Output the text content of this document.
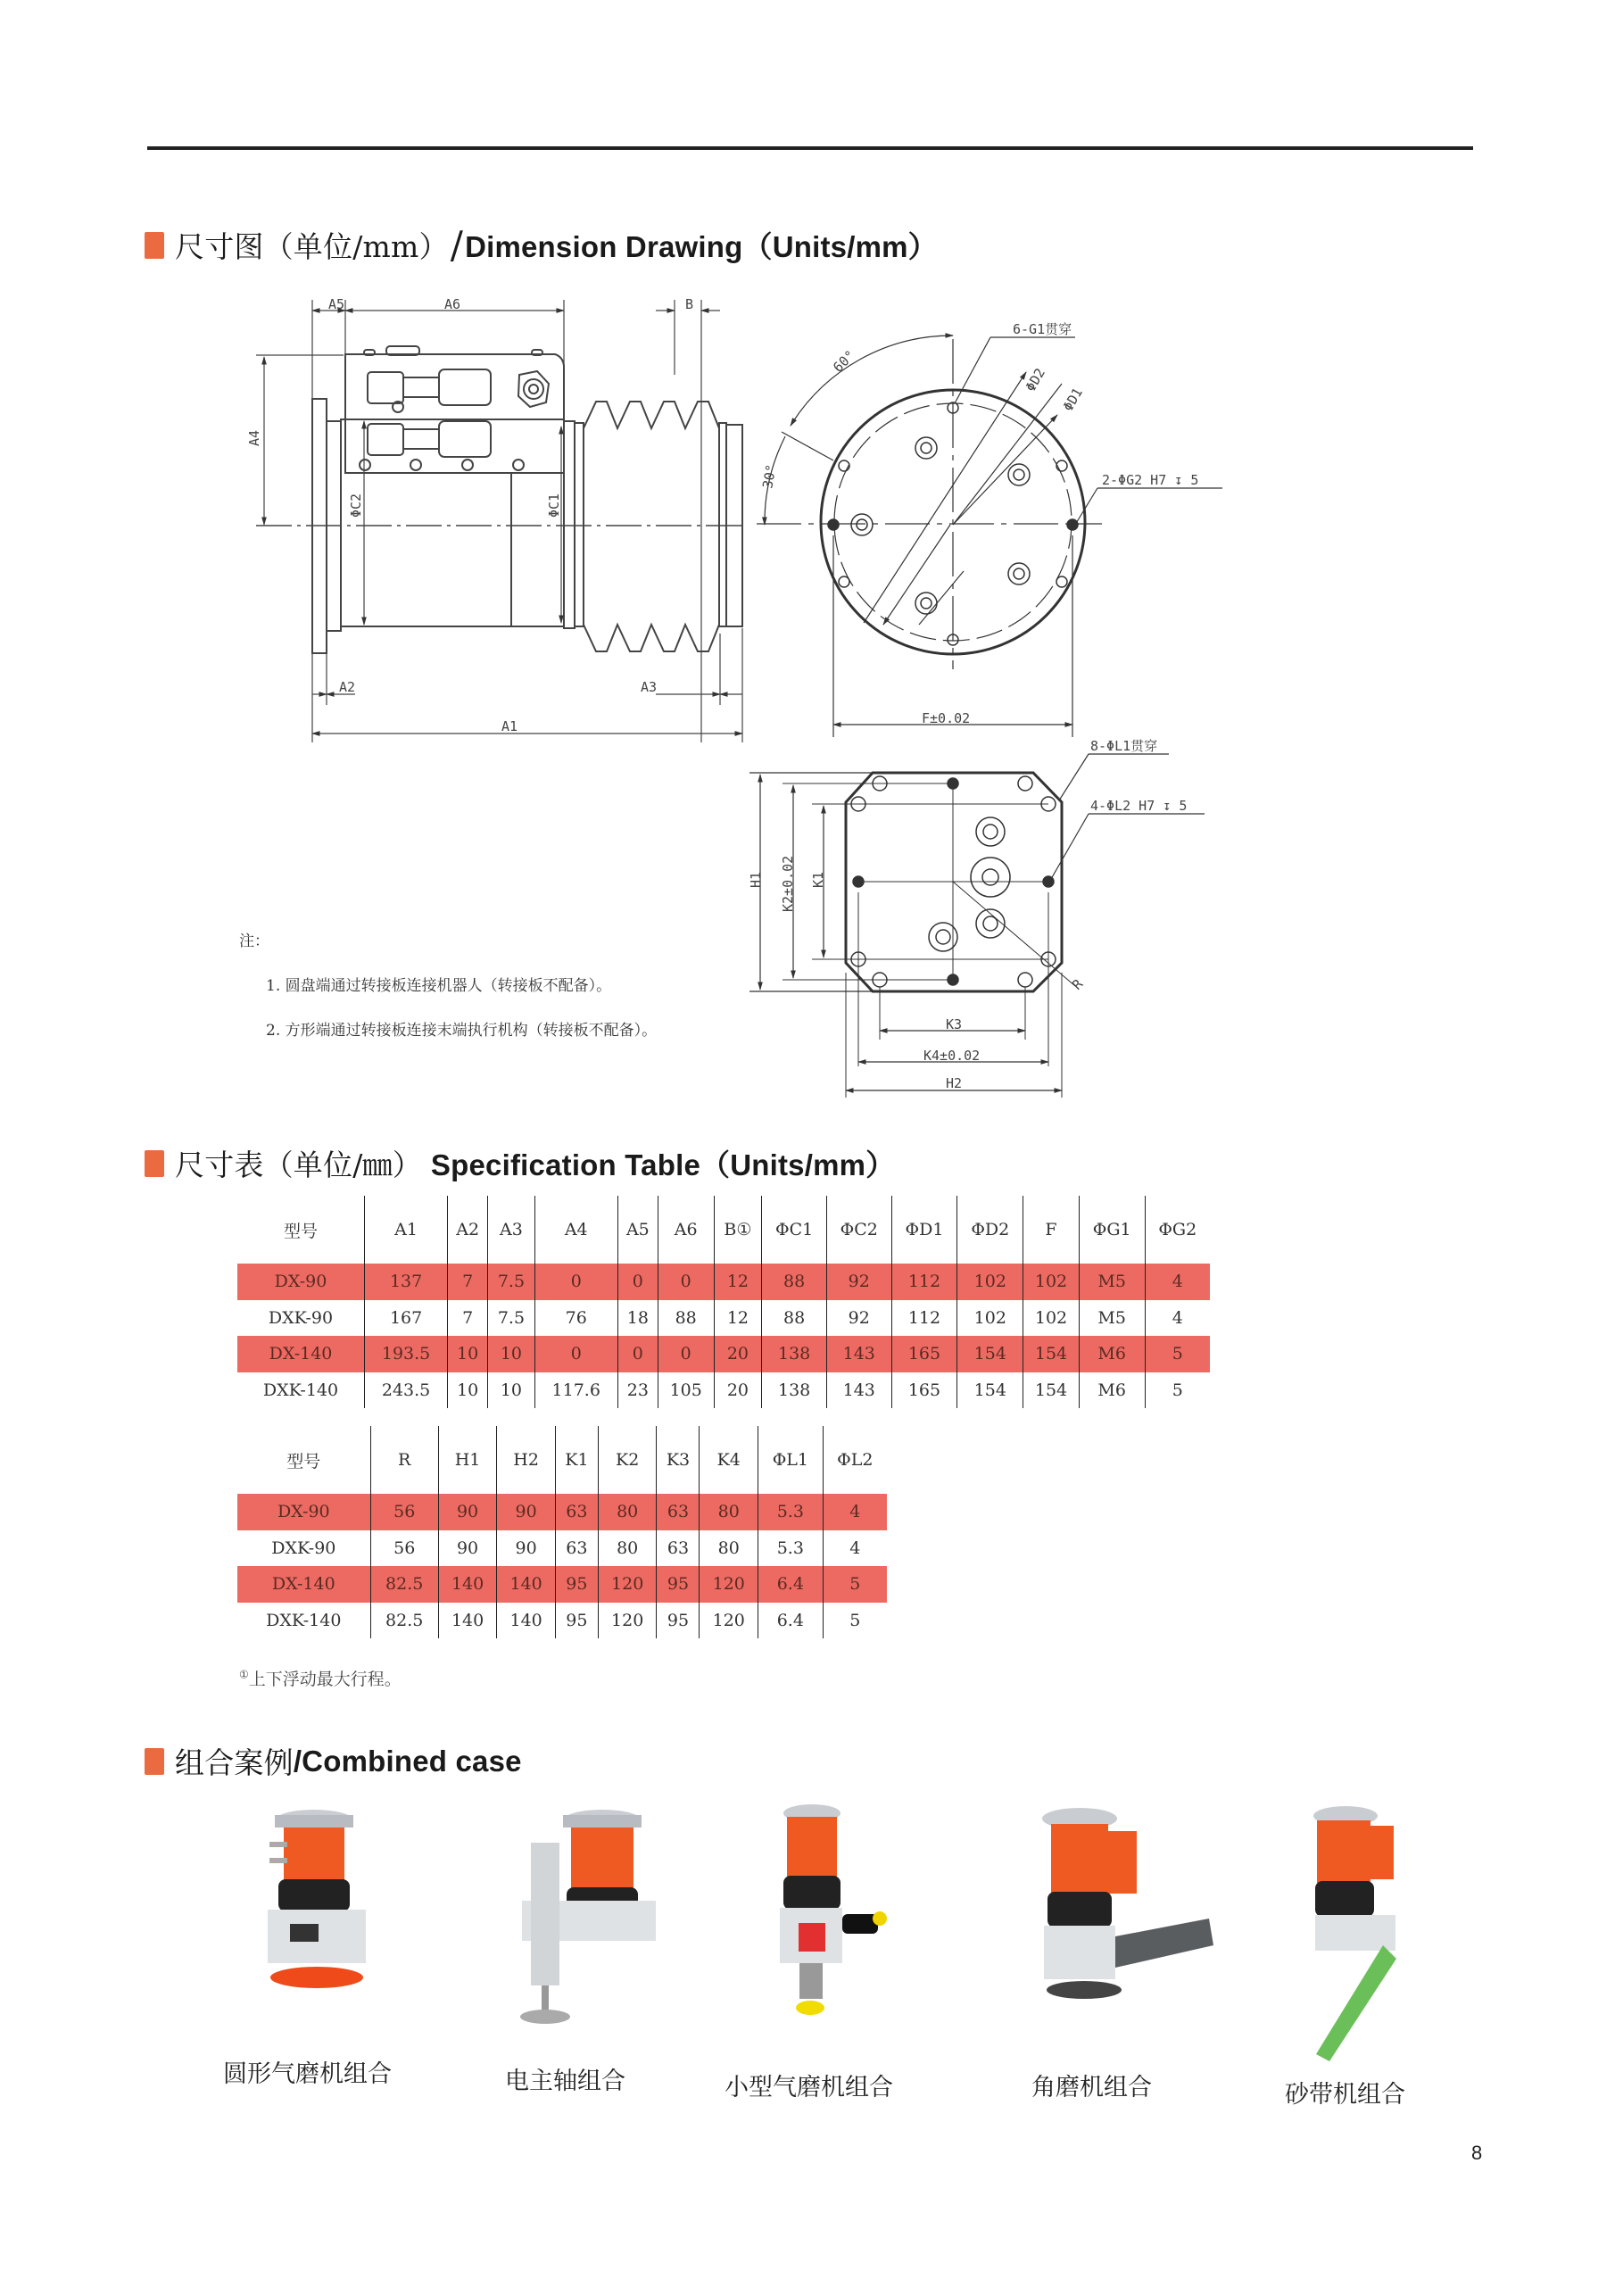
尺寸图（单位/mm） / Dimension Drawing（Units/mm）
A5	A6	B
A4
ΦC2	ΦC1
A2	A3
A1
6-G1贯穿
ΦD2
ΦD1
2-ΦG2 H7 ↧ 5
60°
30°
F±0.02
8-ΦL1贯穿
4-ΦL2 H7 ↧ 5
H1 K2±0.02 K1
K3
K4±0.02
H2
R
注：
1. 圆盘端通过转接板连接机器人（转接板不配备）。
2. 方形端通过转接板连接末端执行机构（转接板不配备）。
尺寸表（单位/㎜） Specification Table（Units/mm）
型号	A1	A2	A3	A4	A5	A6	B①	ΦC1	ΦC2	ΦD1	ΦD2	F	ΦG1	ΦG2
DX-90	137	7	7.5	0	0	0	12	88	92	112	102	102	M5	4
DXK-90	167	7	7.5	76	18	88	12	88	92	112	102	102	M5	4
DX-140	193.5	10	10	0	0	0	20	138	143	165	154	154	M6	5
DXK-140	243.5	10	10	117.6	23	105	20	138	143	165	154	154	M6	5
型号	R	H1	H2	K1	K2	K3	K4	ΦL1	ΦL2
DX-90	56	90	90	63	80	63	80	5.3	4
DXK-90	56	90	90	63	80	63	80	5.3	4
DX-140	82.5	140	140	95	120	95	120	6.4	5
DXK-140	82.5	140	140	95	120	95	120	6.4	5
①上下浮动最大行程。
组合案例 /Combined case
圆形气磨机组合	电主轴组合	小型气磨机组合	角磨机组合	砂带机组合
8
